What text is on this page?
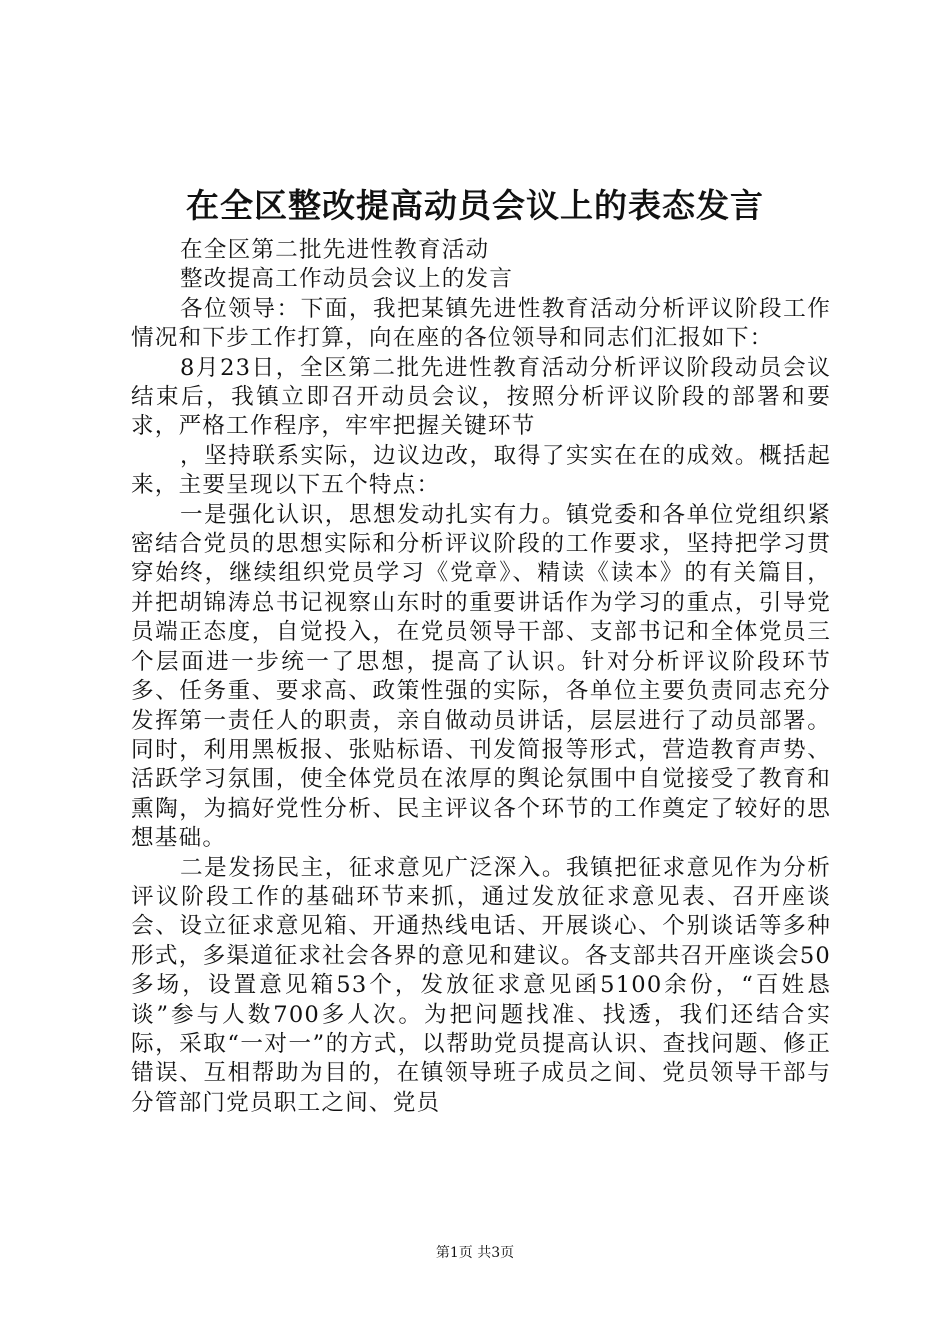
在全区整改提高动员会议上的表态发言

在全区第二批先进性教育活动

整改提高工作动员会议上的发言

各位领导：下面，我把某镇先进性教育活动分析评议阶段工作情况和下步工作打算，向在座的各位领导和同志们汇报如下：

8月23日，全区第二批先进性教育活动分析评议阶段动员会议结束后，我镇立即召开动员会议，按照分析评议阶段的部署和要求，严格工作程序，牢牢把握关键环节

，坚持联系实际，边议边改，取得了实实在在的成效。概括起来，主要呈现以下五个特点：

一是强化认识，思想发动扎实有力。镇党委和各单位党组织紧密结合党员的思想实际和分析评议阶段的工作要求，坚持把学习贯穿始终，继续组织党员学习《党章》、精读《读本》的有关篇目，并把胡锦涛总书记视察山东时的重要讲话作为学习的重点，引导党员端正态度，自觉投入，在党员领导干部、支部书记和全体党员三个层面进一步统一了思想，提高了认识。针对分析评议阶段环节多、任务重、要求高、政策性强的实际，各单位主要负责同志充分发挥第一责任人的职责，亲自做动员讲话，层层进行了动员部署。同时，利用黑板报、张贴标语、刊发简报等形式，营造教育声势、活跃学习氛围，使全体党员在浓厚的舆论氛围中自觉接受了教育和熏陶，为搞好党性分析、民主评议各个环节的工作奠定了较好的思想基础。

二是发扬民主，征求意见广泛深入。我镇把征求意见作为分析评议阶段工作的基础环节来抓，通过发放征求意见表、召开座谈会、设立征求意见箱、开通热线电话、开展谈心、个别谈话等多种形式，多渠道征求社会各界的意见和建议。各支部共召开座谈会50多场，设置意见箱53个，发放征求意见函5100余份，“百姓恳谈”参与人数700多人次。为把问题找准、找透，我们还结合实际，采取“一对一”的方式，以帮助党员提高认识、查找问题、修正错误、互相帮助为目的，在镇领导班子成员之间、党员领导干部与分管部门党员职工之间、党员

第1页 共3页
